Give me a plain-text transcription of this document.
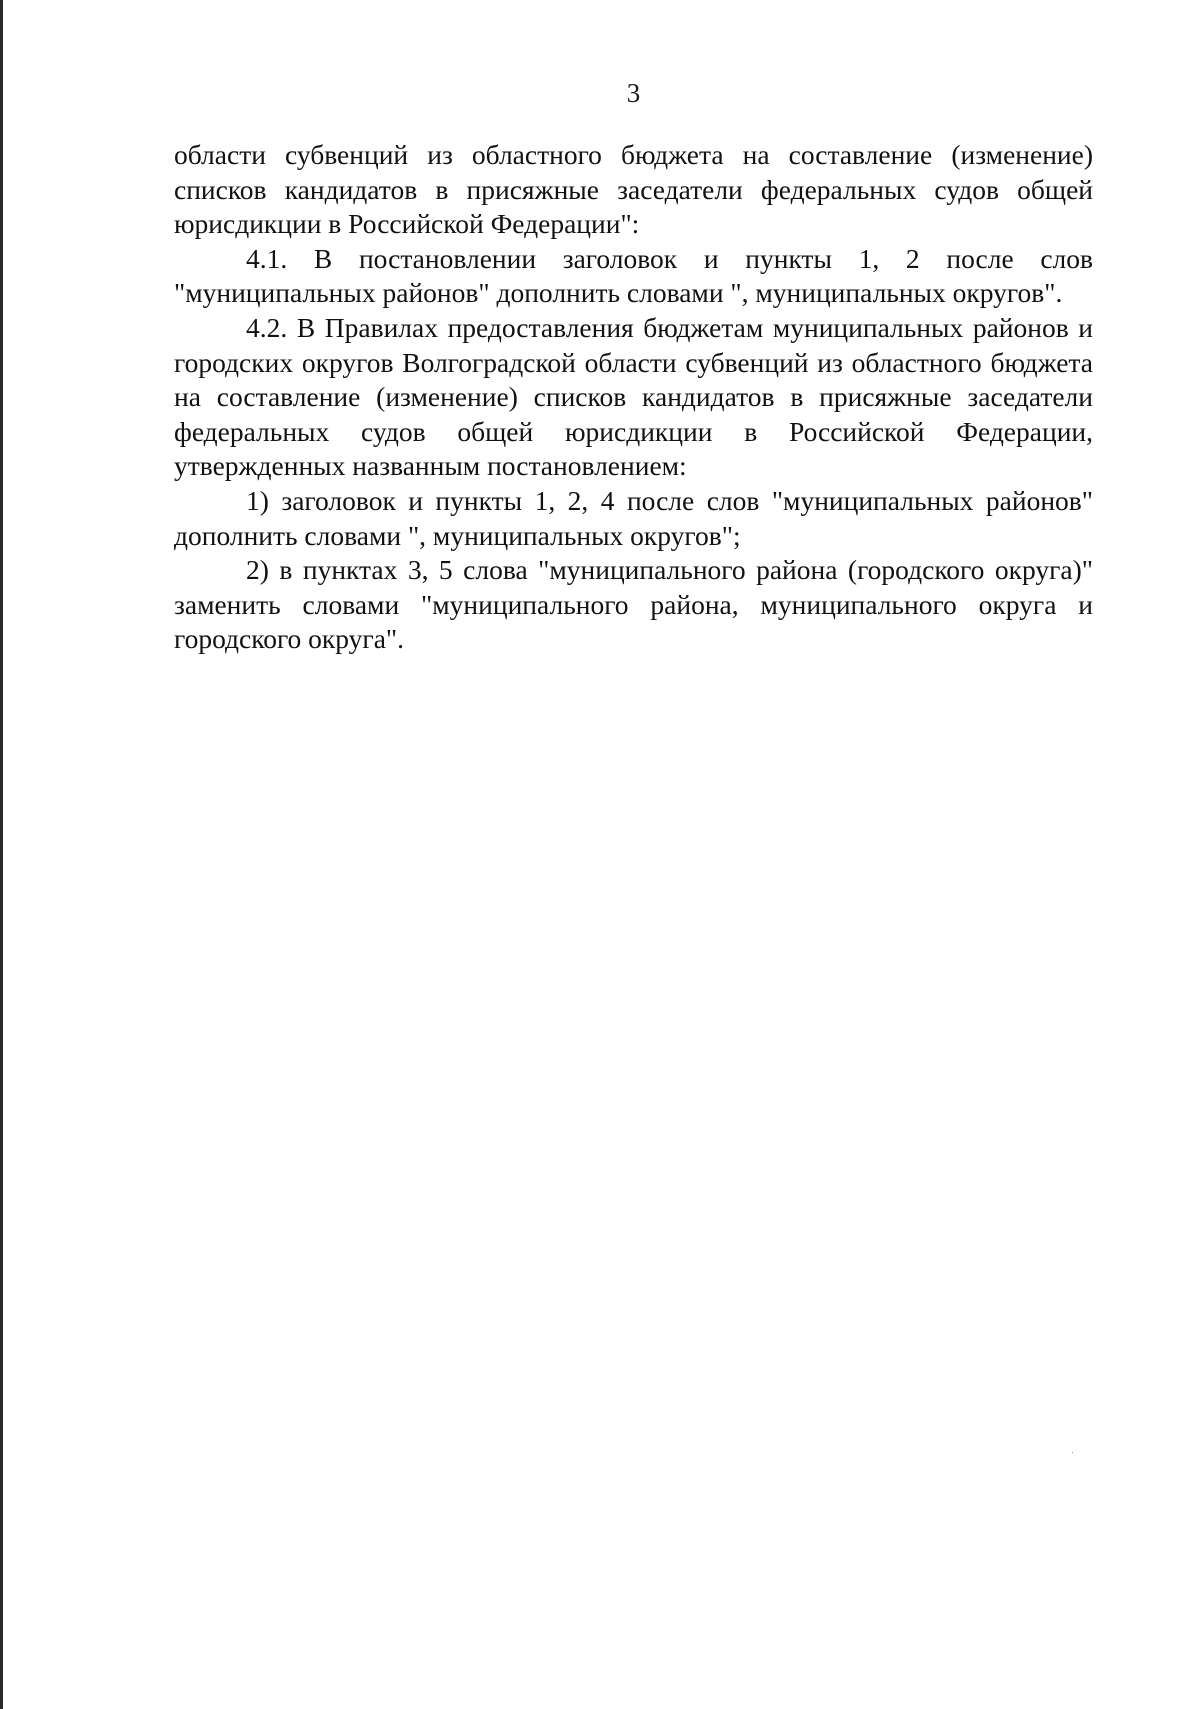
3

области субвенций из областного бюджета на составление (изменение) списков кандидатов в присяжные заседатели федеральных судов общей юрисдикции в Российской Федерации":

4.1. В постановлении заголовок и пункты 1, 2 после слов "муниципальных районов" дополнить словами ", муниципальных округов".

4.2. В Правилах предоставления бюджетам муниципальных районов и городских округов Волгоградской области субвенций из областного бюджета на составление (изменение) списков кандидатов в присяжные заседатели федеральных судов общей юрисдикции в Российской Федерации, утвержденных названным постановлением:

1) заголовок и пункты 1, 2, 4 после слов "муниципальных районов" дополнить словами ", муниципальных округов";

2) в пунктах 3, 5 слова "муниципального района (городского округа)" заменить словами "муниципального района, муниципального округа и городского округа".
